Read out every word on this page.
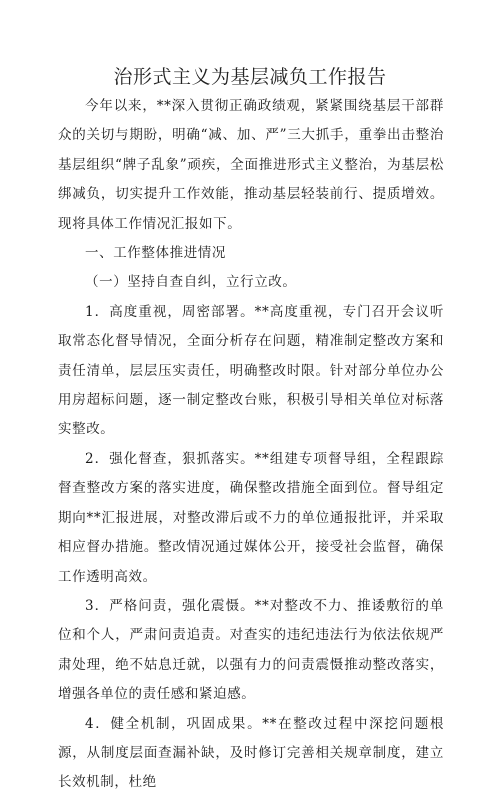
治形式主义为基层减负工作报告

今年以来，**深入贯彻正确政绩观，紧紧围绕基层干部群众的关切与期盼，明确“减、加、严”三大抓手，重拳出击整治基层组织“牌子乱象”顽疾，全面推进形式主义整治，为基层松绑减负，切实提升工作效能，推动基层轻装前行、提质增效。现将具体工作情况汇报如下。

一、工作整体推进情况

（一）坚持自查自纠，立行立改。

1．高度重视，周密部署。**高度重视，专门召开会议听取常态化督导情况，全面分析存在问题，精准制定整改方案和责任清单，层层压实责任，明确整改时限。针对部分单位办公用房超标问题，逐一制定整改台账，积极引导相关单位对标落实整改。

2．强化督查，狠抓落实。**组建专项督导组，全程跟踪督查整改方案的落实进度，确保整改措施全面到位。督导组定期向**汇报进展，对整改滞后或不力的单位通报批评，并采取相应督办措施。整改情况通过媒体公开，接受社会监督，确保工作透明高效。

3．严格问责，强化震慑。**对整改不力、推诿敷衍的单位和个人，严肃问责追责。对查实的违纪违法行为依法依规严肃处理，绝不姑息迁就，以强有力的问责震慑推动整改落实，增强各单位的责任感和紧迫感。

4．健全机制，巩固成果。**在整改过程中深挖问题根源，从制度层面查漏补缺，及时修订完善相关规章制度，建立长效机制，杜绝
